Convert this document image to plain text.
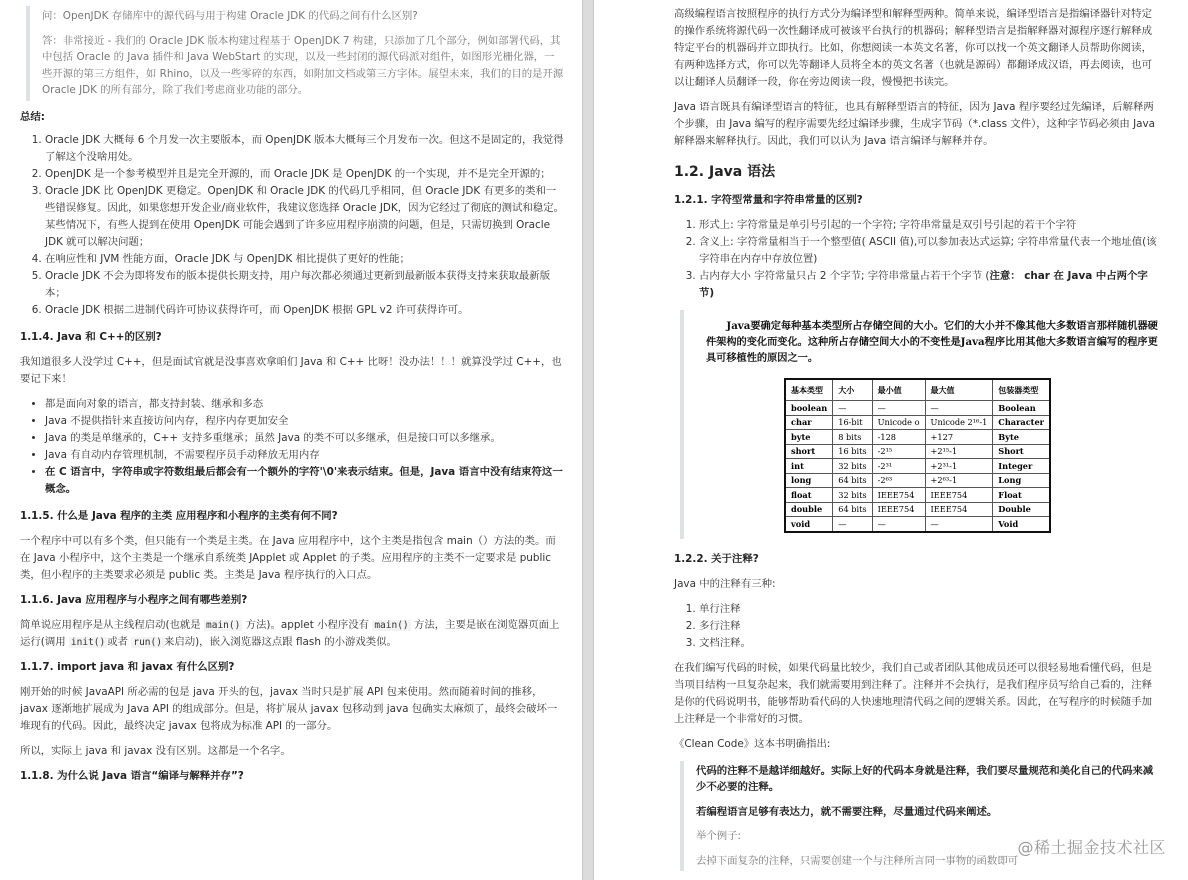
问：OpenJDK 存储库中的源代码与用于构建 Oracle JDK 的代码之间有什么区别?

答：非常接近 - 我们的 Oracle JDK 版本构建过程基于 OpenJDK 7 构建，只添加了几个部分，例如部署代码，其中包括 Oracle 的 Java 插件和 Java WebStart 的实现，以及一些封闭的源代码派对组件，如图形光栅化器，一些开源的第三方组件，如 Rhino，以及一些零碎的东西，如附加文档或第三方字体。展望未来，我们的目的是开源 Oracle JDK 的所有部分，除了我们考虑商业功能的部分。

总结:

1. Oracle JDK 大概每 6 个月发一次主要版本，而 OpenJDK 版本大概每三个月发布一次。但这不是固定的，我觉得了解这个没啥用处。
2. OpenJDK 是一个参考模型并且是完全开源的，而 Oracle JDK 是 OpenJDK 的一个实现，并不是完全开源的；
3. Oracle JDK 比 OpenJDK 更稳定。OpenJDK 和 Oracle JDK 的代码几乎相同，但 Oracle JDK 有更多的类和一些错误修复。因此，如果您想开发企业/商业软件，我建议您选择 Oracle JDK，因为它经过了彻底的测试和稳定。某些情况下，有些人提到在使用 OpenJDK 可能会遇到了许多应用程序崩溃的问题，但是，只需切换到 Oracle JDK 就可以解决问题；
4. 在响应性和 JVM 性能方面，Oracle JDK 与 OpenJDK 相比提供了更好的性能；
5. Oracle JDK 不会为即将发布的版本提供长期支持，用户每次都必须通过更新到最新版本获得支持来获取最新版本；
6. Oracle JDK 根据二进制代码许可协议获得许可，而 OpenJDK 根据 GPL v2 许可获得许可。

1.1.4. Java 和 C++的区别?

我知道很多人没学过 C++，但是面试官就是没事喜欢拿咱们 Java 和 C++ 比呀！没办法！！！就算没学过 C++，也要记下来！

• 都是面向对象的语言，都支持封装、继承和多态
• Java 不提供指针来直接访问内存，程序内存更加安全
• Java 的类是单继承的，C++ 支持多重继承；虽然 Java 的类不可以多继承，但是接口可以多继承。
• Java 有自动内存管理机制，不需要程序员手动释放无用内存
• 在 C 语言中，字符串或字符数组最后都会有一个额外的字符'\0'来表示结束。但是，Java 语言中没有结束符这一概念。

1.1.5. 什么是 Java 程序的主类 应用程序和小程序的主类有何不同?

一个程序中可以有多个类，但只能有一个类是主类。在 Java 应用程序中，这个主类是指包含 main（）方法的类。而在 Java 小程序中，这个主类是一个继承自系统类 JApplet 或 Applet 的子类。应用程序的主类不一定要求是 public 类，但小程序的主类要求必须是 public 类。主类是 Java 程序执行的入口点。

1.1.6. Java 应用程序与小程序之间有哪些差别?

简单说应用程序是从主线程启动(也就是 main() 方法)。applet 小程序没有 main() 方法，主要是嵌在浏览器页面上运行(调用 init() 或者 run() 来启动)，嵌入浏览器这点跟 flash 的小游戏类似。

1.1.7. import java 和 javax 有什么区别?

刚开始的时候 JavaAPI 所必需的包是 java 开头的包，javax 当时只是扩展 API 包来使用。然而随着时间的推移，javax 逐渐地扩展成为 Java API 的组成部分。但是，将扩展从 javax 包移动到 java 包确实太麻烦了，最终会破坏一堆现有的代码。因此，最终决定 javax 包将成为标准 API 的一部分。

所以，实际上 java 和 javax 没有区别。这都是一个名字。

1.1.8. 为什么说 Java 语言“编译与解释并存”?

高级编程语言按照程序的执行方式分为编译型和解释型两种。简单来说，编译型语言是指编译器针对特定的操作系统将源代码一次性翻译成可被该平台执行的机器码；解释型语言是指解释器对源程序逐行解释成特定平台的机器码并立即执行。比如，你想阅读一本英文名著，你可以找一个英文翻译人员帮助你阅读，

有两种选择方式，你可以先等翻译人员将全本的英文名著（也就是源码）都翻译成汉语，再去阅读，也可以让翻译人员翻译一段，你在旁边阅读一段，慢慢把书读完。

Java 语言既具有编译型语言的特征，也具有解释型语言的特征，因为 Java 程序要经过先编译，后解释两个步骤，由 Java 编写的程序需要先经过编译步骤，生成字节码（*.class 文件），这种字节码必须由 Java 解释器来解释执行。因此，我们可以认为 Java 语言编译与解释并存。

1.2. Java 语法

1.2.1. 字符型常量和字符串常量的区别?

1. 形式上: 字符常量是单引号引起的一个字符; 字符串常量是双引号引起的若干个字符
2. 含义上: 字符常量相当于一个整型值( ASCII 值),可以参加表达式运算; 字符串常量代表一个地址值(该字符串在内存中存放位置)
3. 占内存大小 字符常量只占 2 个字节; 字符串常量占若干个字节 (注意： char 在 Java 中占两个字节)

Java要确定每种基本类型所占存储空间的大小。它们的大小并不像其他大多数语言那样随机器硬件架构的变化而变化。这种所占存储空间大小的不变性是Java程序比用其他大多数语言编写的程序更具可移植性的原因之一。

基本类型	大小	最小值	最大值	包装器类型
boolean	—	—	—	Boolean
char	16-bit	Unicode o	Unicode 2¹⁶-1	Character
byte	8 bits	-128	+127	Byte
short	16 bits	-2¹⁵	+2¹⁵-1	Short
int	32 bits	-2³¹	+2³¹-1	Integer
long	64 bits	-2⁶³	+2⁶³-1	Long
float	32 bits	IEEE754	IEEE754	Float
double	64 bits	IEEE754	IEEE754	Double
void	—	—	—	Void

1.2.2. 关于注释?

Java 中的注释有三种:

1. 单行注释
2. 多行注释
3. 文档注释。

在我们编写代码的时候，如果代码量比较少，我们自己或者团队其他成员还可以很轻易地看懂代码，但是当项目结构一旦复杂起来，我们就需要用到注释了。注释并不会执行，是我们程序员写给自己看的，注释是你的代码说明书，能够帮助看代码的人快速地理清代码之间的逻辑关系。因此，在写程序的时候随手加上注释是一个非常好的习惯。

《Clean Code》这本书明确指出:

代码的注释不是越详细越好。实际上好的代码本身就是注释，我们要尽量规范和美化自己的代码来减少不必要的注释。

若编程语言足够有表达力，就不需要注释，尽量通过代码来阐述。

举个例子:

去掉下面复杂的注释，只需要创建一个与注释所言同一事物的函数即可

@稀土掘金技术社区
